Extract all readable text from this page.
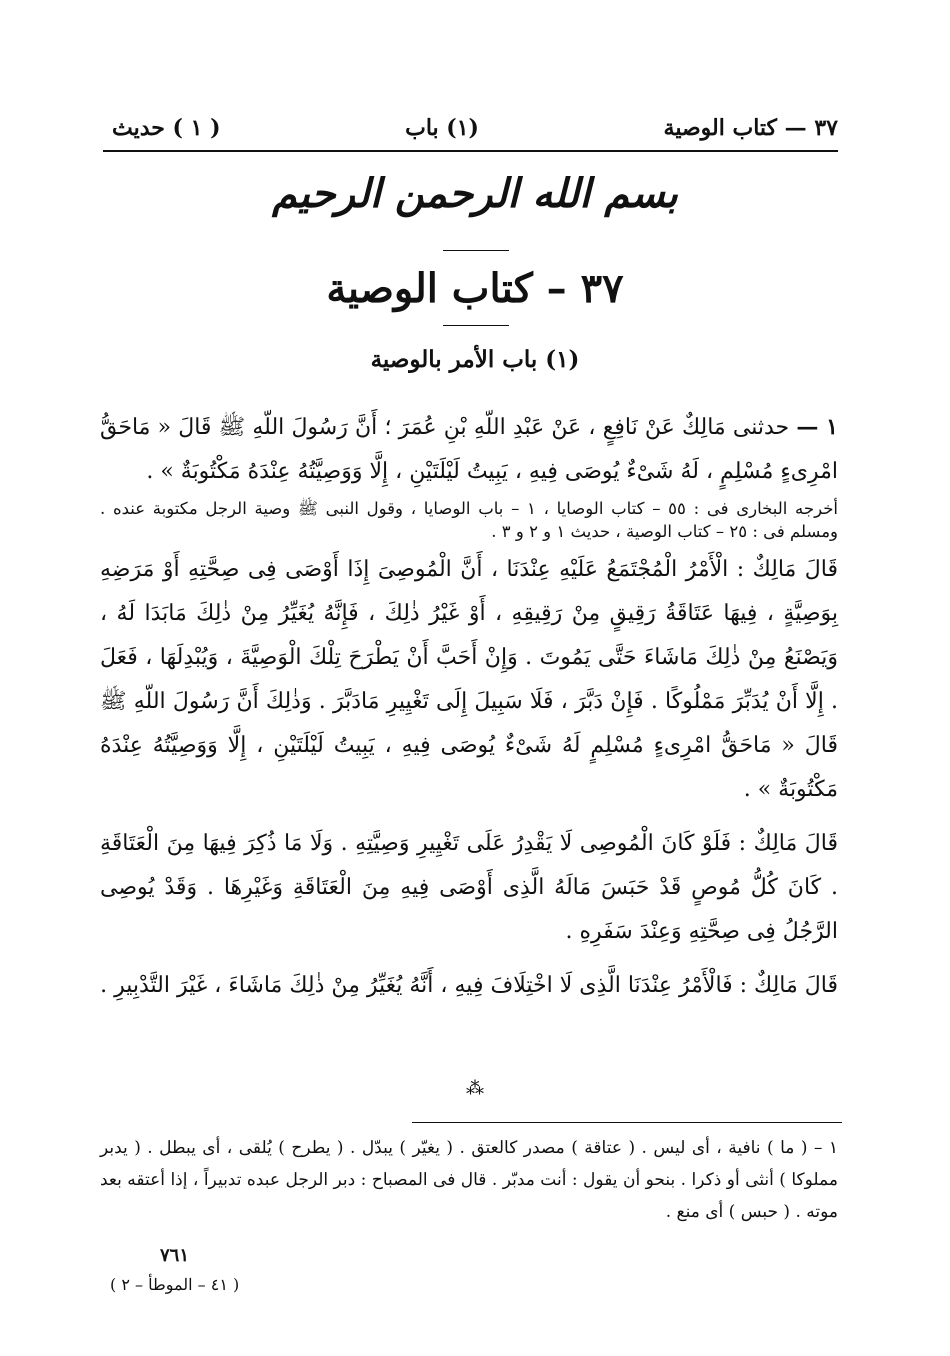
٣٧ — كتاب الوصية
(١) باب
( ١ ) حديث
بسم الله الرحمن الرحيم
٣٧ – كتاب الوصية
(١) باب الأمر بالوصية

١ — حدثنى مَالِكٌ عَنْ نَافِعٍ ، عَنْ عَبْدِ اللّهِ بْنِ عُمَرَ ؛ أَنَّ رَسُولَ اللّهِ ﷺ قَالَ « مَاحَقُّ امْرِىءٍ مُسْلِمٍ ، لَهُ شَىْءٌ يُوصَى فِيهِ ، يَبِيتُ لَيْلَتَيْنِ ، إِلَّا وَوَصِيَّتُهُ عِنْدَهُ مَكْتُوبَةٌ » .

أخرجه البخارى فى : ٥٥ – كتاب الوصايا ، ١ – باب الوصايا ، وقول النبى ﷺ وصية الرجل مكتوبة عنده . ومسلم فى : ٢٥ – كتاب الوصية ، حديث ١ و ٢ و ٣ .

قَالَ مَالِكٌ : الْأَمْرُ الْمُجْتَمَعُ عَلَيْهِ عِنْدَنَا ، أَنَّ الْمُوصِىَ إِذَا أَوْصَى فِى صِحَّتِهِ أَوْ مَرَضِهِ بِوَصِيَّةٍ ، فِيهَا عَتَاقَةُ رَقِيقٍ مِنْ رَقِيقِهِ ، أَوْ غَيْرُ ذٰلِكَ ، فَإِنَّهُ يُغَيِّرُ مِنْ ذٰلِكَ مَابَدَا لَهُ ، وَيَصْنَعُ مِنْ ذٰلِكَ مَاشَاءَ حَتَّى يَمُوتَ . وَإِنْ أَحَبَّ أَنْ يَطْرَحَ تِلْكَ الْوَصِيَّةَ ، وَيُبْدِلَهَا ، فَعَلَ . إِلَّا أَنْ يُدَبِّرَ مَمْلُوكًا . فَإِنْ دَبَّرَ ، فَلَا سَبِيلَ إِلَى تَغْيِيرِ مَادَبَّرَ . وَذٰلِكَ أَنَّ رَسُولَ اللّهِ ﷺ قَالَ « مَاحَقُّ امْرِىءٍ مُسْلِمٍ لَهُ شَىْءٌ يُوصَى فِيهِ ، يَبِيتُ لَيْلَتَيْنِ ، إِلَّا وَوَصِيَّتُهُ عِنْدَهُ مَكْتُوبَةٌ » .

قَالَ مَالِكٌ : فَلَوْ كَانَ الْمُوصِى لَا يَقْدِرُ عَلَى تَغْيِيرِ وَصِيَّتِهِ . وَلَا مَا ذُكِرَ فِيهَا مِنَ الْعَتَاقَةِ . كَانَ كُلُّ مُوصٍ قَدْ حَبَسَ مَالَهُ الَّذِى أَوْصَى فِيهِ مِنَ الْعَتَاقَةِ وَغَيْرِهَا . وَقَدْ يُوصِى الرَّجُلُ فِى صِحَّتِهِ وَعِنْدَ سَفَرِهِ .

قَالَ مَالِكٌ : فَالْأَمْرُ عِنْدَنَا الَّذِى لَا اخْتِلَافَ فِيهِ ، أَنَّهُ يُغَيِّرُ مِنْ ذٰلِكَ مَاشَاءَ ، غَيْرَ التَّدْبِيرِ .

⁂

١ – ( ما ) نافية ، أى ليس . ( عتاقة ) مصدر كالعتق . ( يغيّر ) يبدّل . ( يطرح ) يُلقى ، أى يبطل . ( يدبر مملوكا ) أنثى أو ذكرا . بنحو أن يقول : أنت مدبّر . قال فى المصباح : دبر الرجل عبده تدبيراً ، إذا أعتقه بعد موته . ( حبس ) أى منع .

٧٦١
( ٤١ – الموطأ – ٢ )
